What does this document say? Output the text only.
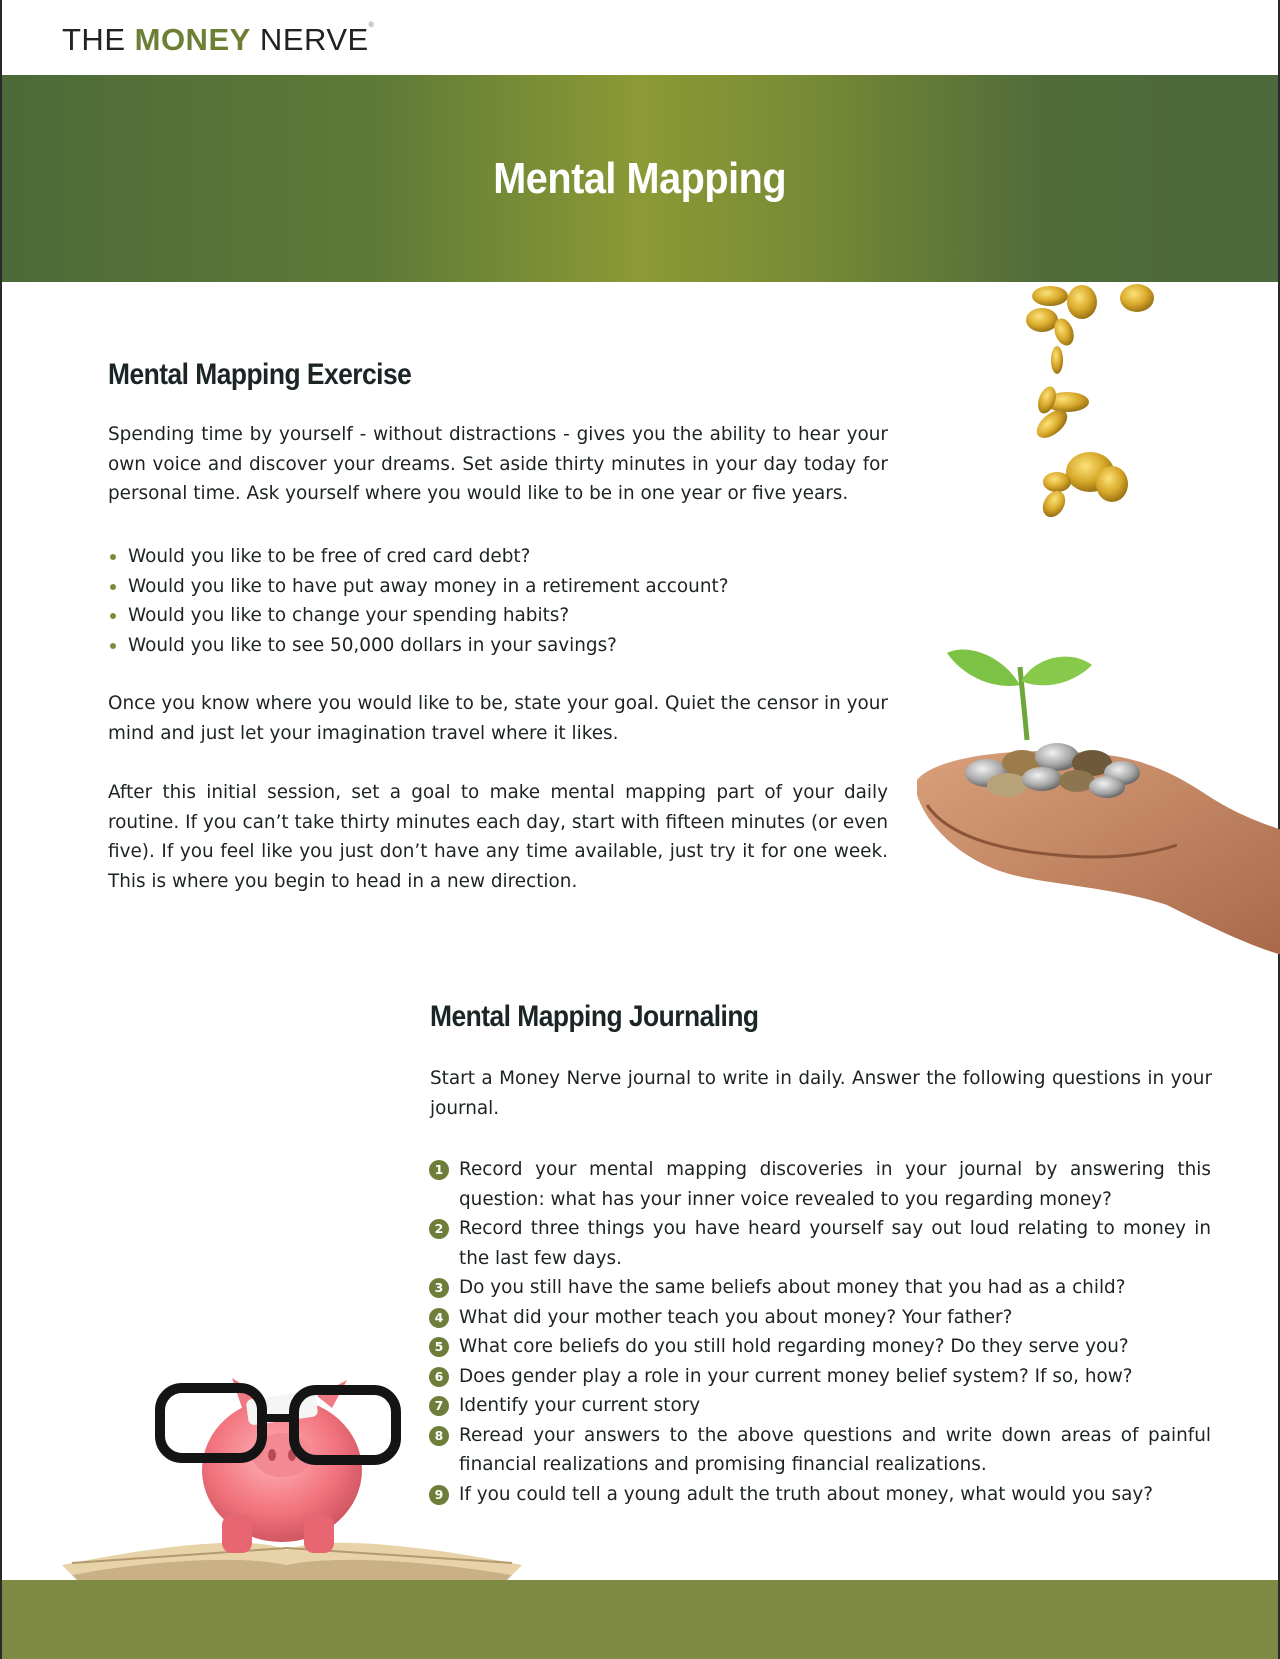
THE MONEY NERVE®
Mental Mapping
Mental Mapping Exercise

Spending time by yourself - without distractions - gives you the ability to hear your own voice and discover your dreams. Set aside thirty minutes in your day today for personal time. Ask yourself where you would like to be in one year or five years.

Would you like to be free of cred card debt?
Would you like to have put away money in a retirement account?
Would you like to change your spending habits?
Would you like to see 50,000 dollars in your savings?

Once you know where you would like to be, state your goal. Quiet the censor in your mind and just let your imagination travel where it likes.

After this initial session, set a goal to make mental mapping part of your daily routine. If you can’t take thirty minutes each day, start with fifteen minutes (or even five). If you feel like you just don’t have any time available, just try it for one week. This is where you begin to head in a new direction.

Mental Mapping Journaling

Start a Money Nerve journal to write in daily. Answer the following questions in your journal.

1 Record your mental mapping discoveries in your journal by answering this question: what has your inner voice revealed to you regarding money?
2 Record three things you have heard yourself say out loud relating to money in the last few days.
3 Do you still have the same beliefs about money that you had as a child?
4 What did your mother teach you about money? Your father?
5 What core beliefs do you still hold regarding money? Do they serve you?
6 Does gender play a role in your current money belief system? If so, how?
7 Identify your current story
8 Reread your answers to the above questions and write down areas of painful financial realizations and promising financial realizations.
9 If you could tell a young adult the truth about money, what would you say?
